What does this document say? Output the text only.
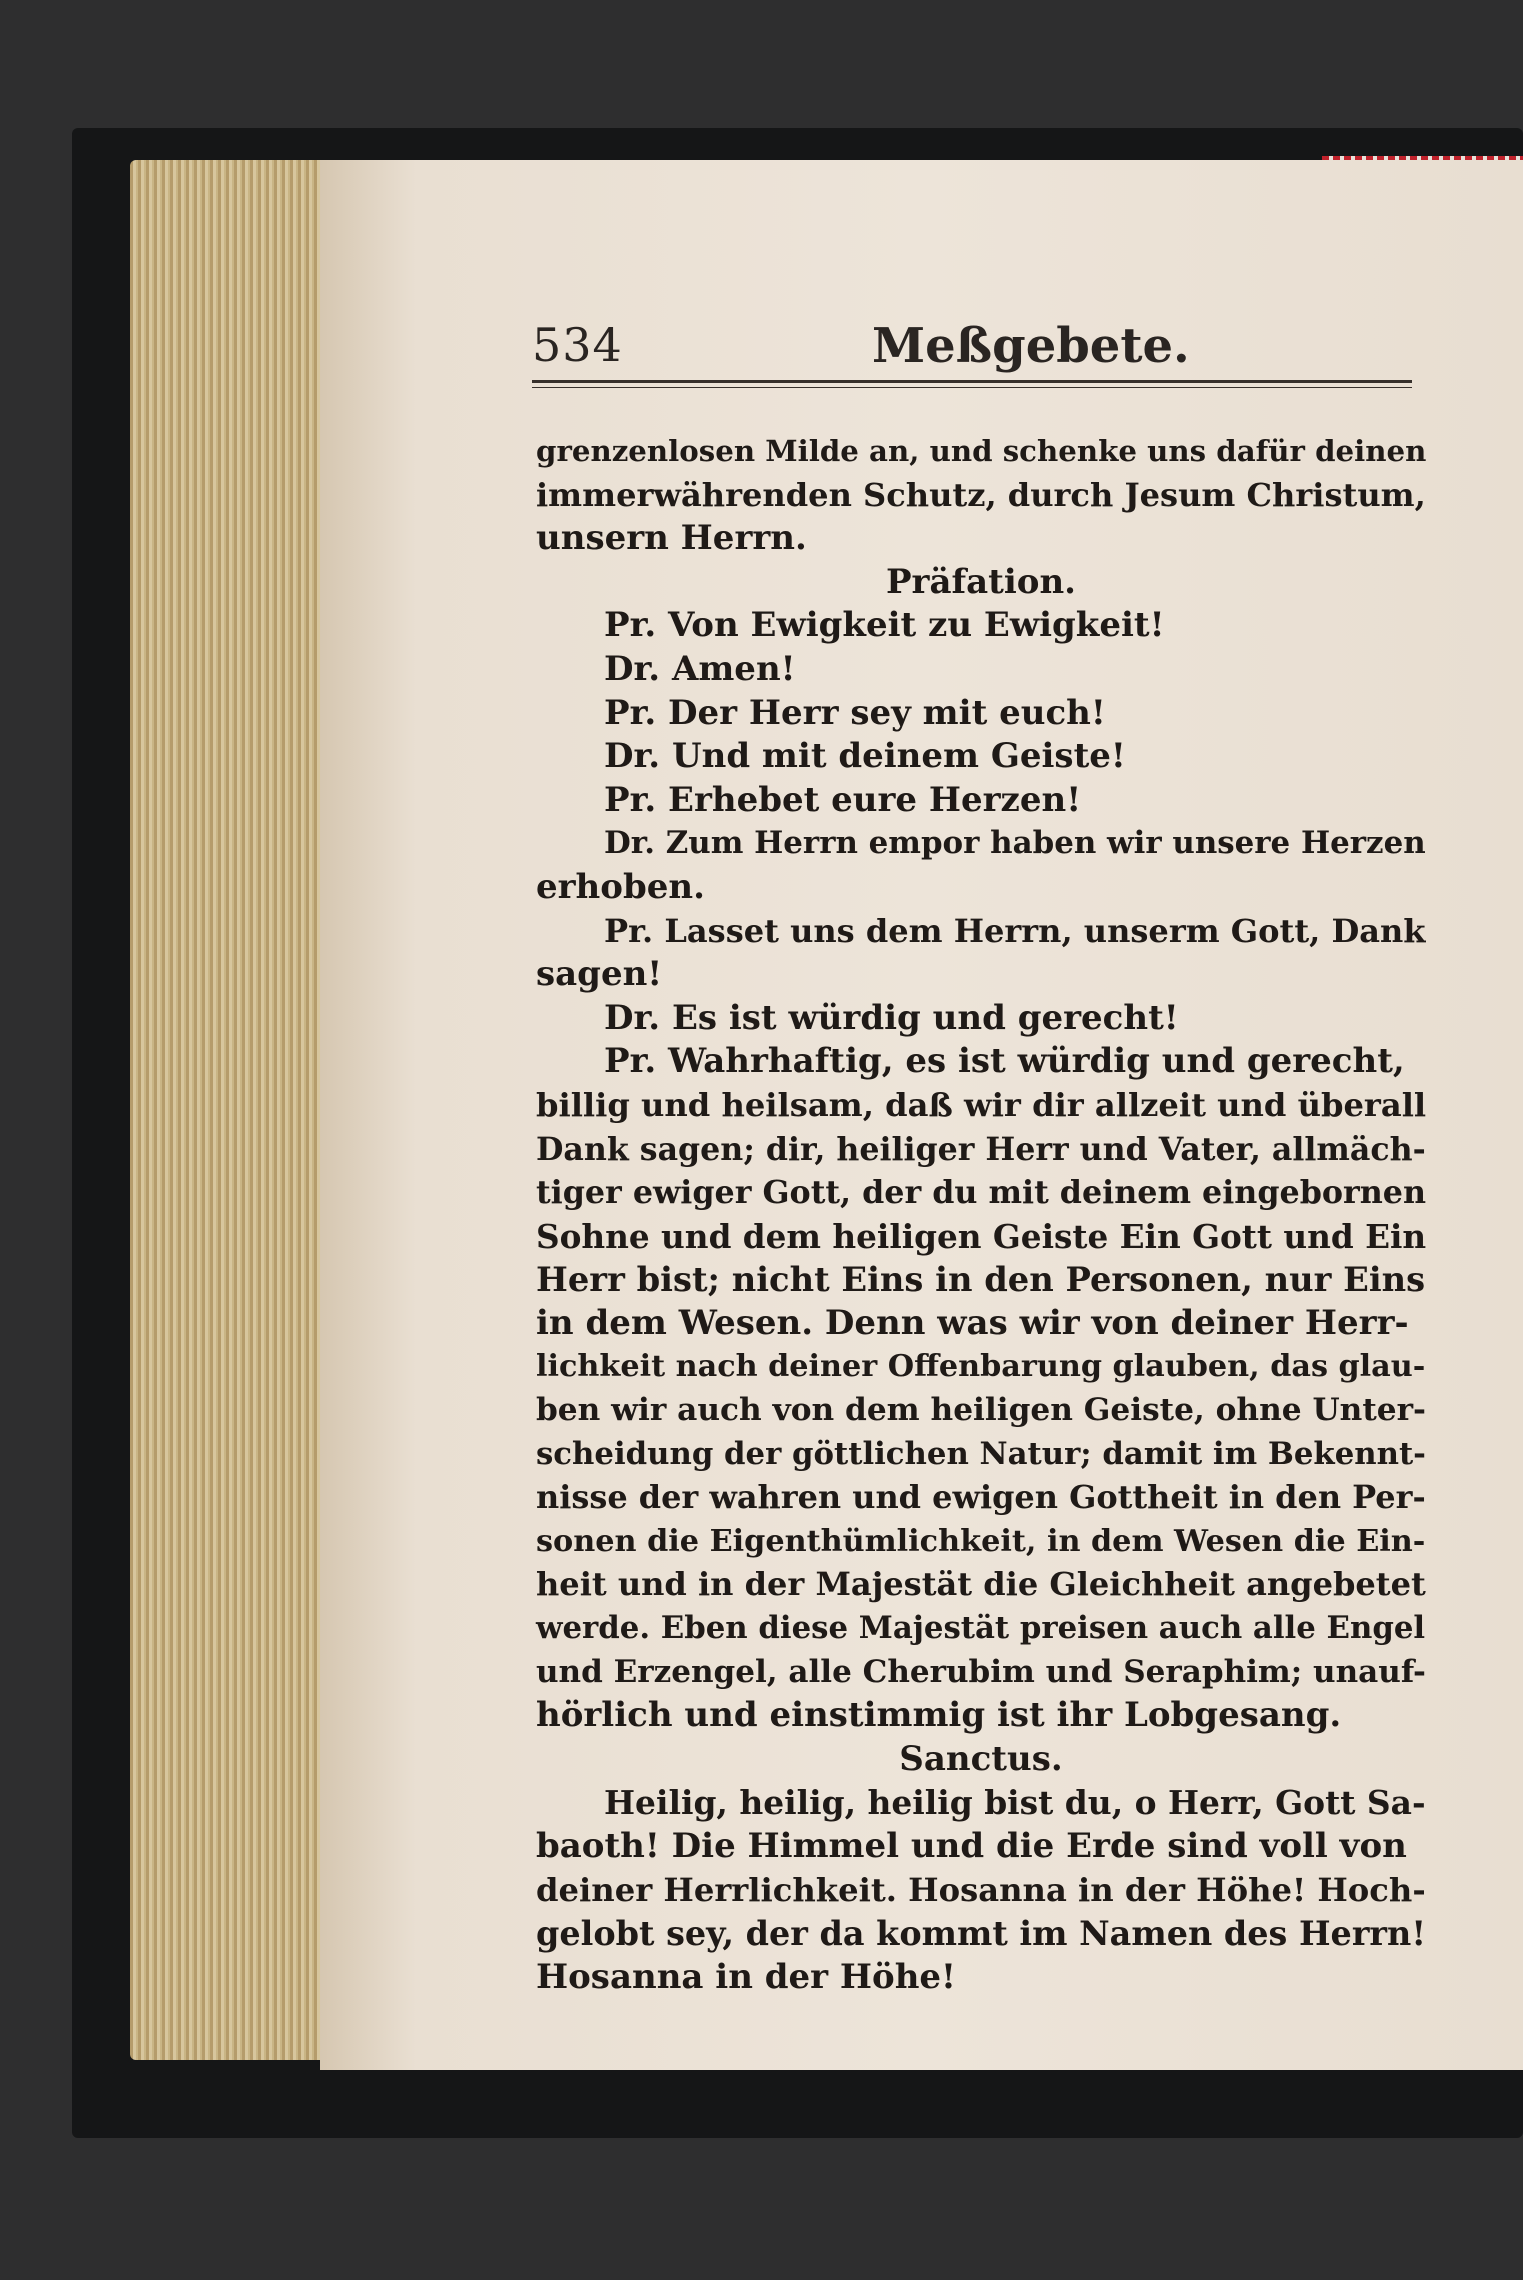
534	Meßgebete.
grenzenlosen Milde an, und schenke uns dafür deinen
immerwährenden Schutz, durch Jesum Christum,
unsern Herrn.
Präfation.
Pr. Von Ewigkeit zu Ewigkeit!
Dr. Amen!
Pr. Der Herr sey mit euch!
Dr. Und mit deinem Geiste!
Pr. Erhebet eure Herzen!
Dr. Zum Herrn empor haben wir unsere Herzen
erhoben.
Pr. Lasset uns dem Herrn, unserm Gott, Dank
sagen!
Dr. Es ist würdig und gerecht!
Pr. Wahrhaftig, es ist würdig und gerecht,
billig und heilsam, daß wir dir allzeit und überall
Dank sagen; dir, heiliger Herr und Vater, allmäch-
tiger ewiger Gott, der du mit deinem eingebornen
Sohne und dem heiligen Geiste Ein Gott und Ein
Herr bist; nicht Eins in den Personen, nur Eins
in dem Wesen. Denn was wir von deiner Herr-
lichkeit nach deiner Offenbarung glauben, das glau-
ben wir auch von dem heiligen Geiste, ohne Unter-
scheidung der göttlichen Natur; damit im Bekennt-
nisse der wahren und ewigen Gottheit in den Per-
sonen die Eigenthümlichkeit, in dem Wesen die Ein-
heit und in der Majestät die Gleichheit angebetet
werde. Eben diese Majestät preisen auch alle Engel
und Erzengel, alle Cherubim und Seraphim; unauf-
hörlich und einstimmig ist ihr Lobgesang.
Sanctus.
Heilig, heilig, heilig bist du, o Herr, Gott Sa-
baoth! Die Himmel und die Erde sind voll von
deiner Herrlichkeit. Hosanna in der Höhe! Hoch-
gelobt sey, der da kommt im Namen des Herrn!
Hosanna in der Höhe!
